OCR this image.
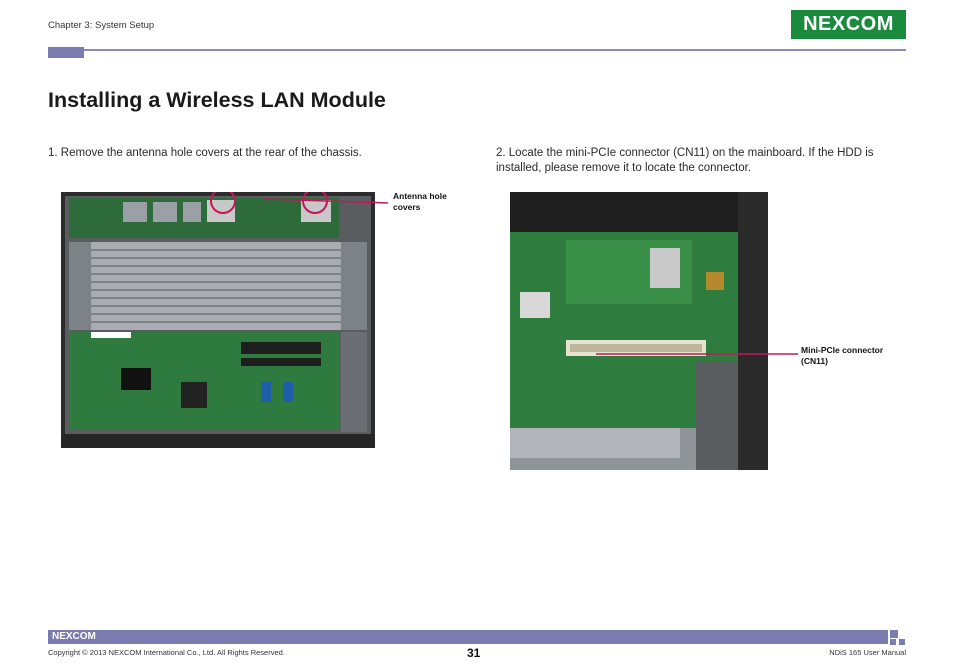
Chapter 3: System Setup	NEXCOM
Installing a Wireless LAN Module
1. Remove the antenna hole covers at the rear of the chassis.	2. Locate the mini-PCIe connector (CN11) on the mainboard. If the HDD is installed, please remove it to locate the connector.
Antenna hole covers
Mini-PCIe connector (CN11)
NEXCOM
Copyright © 2013 NEXCOM International Co., Ltd. All Rights Reserved.	31	NDiS 165 User Manual
